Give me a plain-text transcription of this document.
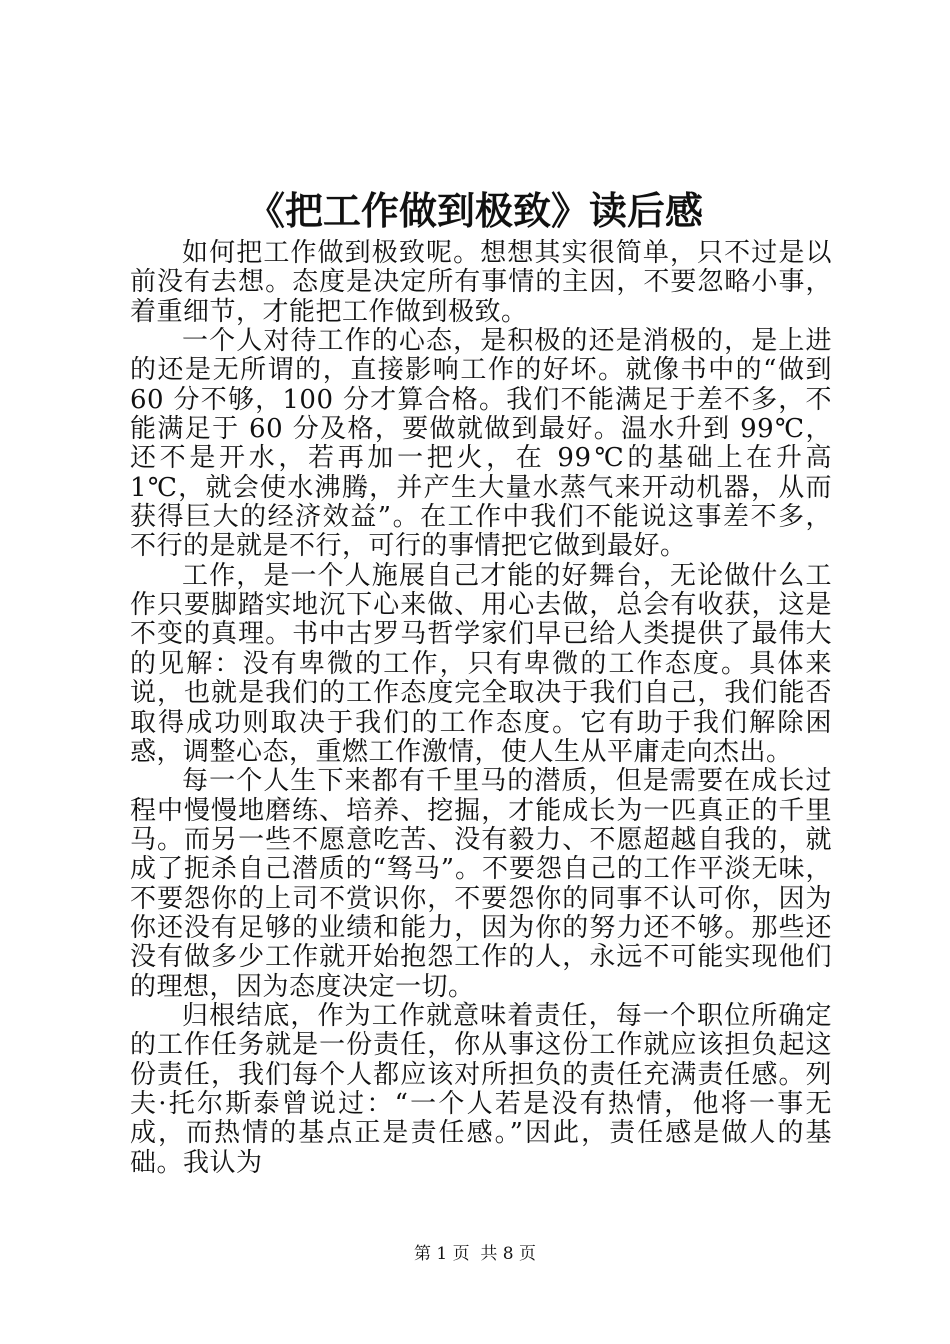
《把工作做到极致》读后感

如何把工作做到极致呢。想想其实很简单，只不过是以前没有去想。态度是决定所有事情的主因，不要忽略小事，着重细节，才能把工作做到极致。

一个人对待工作的心态，是积极的还是消极的，是上进的还是无所谓的，直接影响工作的好坏。就像书中的“做到 60 分不够，100 分才算合格。我们不能满足于差不多，不能满足于 60 分及格，要做就做到最好。温水升到 99℃，还不是开水，若再加一把火，在 99℃的基础上在升高 1℃，就会使水沸腾，并产生大量水蒸气来开动机器，从而获得巨大的经济效益”。在工作中我们不能说这事差不多，不行的是就是不行，可行的事情把它做到最好。

工作，是一个人施展自己才能的好舞台，无论做什么工作只要脚踏实地沉下心来做、用心去做，总会有收获，这是不变的真理。书中古罗马哲学家们早已给人类提供了最伟大的见解：没有卑微的工作，只有卑微的工作态度。具体来说，也就是我们的工作态度完全取决于我们自己，我们能否取得成功则取决于我们的工作态度。它有助于我们解除困惑，调整心态，重燃工作激情，使人生从平庸走向杰出。

每一个人生下来都有千里马的潜质，但是需要在成长过程中慢慢地磨练、培养、挖掘，才能成长为一匹真正的千里马。而另一些不愿意吃苦、没有毅力、不愿超越自我的，就成了扼杀自己潜质的“驽马”。不要怨自己的工作平淡无味，不要怨你的上司不赏识你，不要怨你的同事不认可你，因为你还没有足够的业绩和能力，因为你的努力还不够。那些还没有做多少工作就开始抱怨工作的人，永远不可能实现他们的理想，因为态度决定一切。

归根结底，作为工作就意味着责任，每一个职位所确定的工作任务就是一份责任，你从事这份工作就应该担负起这份责任，我们每个人都应该对所担负的责任充满责任感。列夫·托尔斯泰曾说过：“一个人若是没有热情，他将一事无成，而热情的基点正是责任感。”因此，责任感是做人的基础。我认为

第 1 页  共 8 页
